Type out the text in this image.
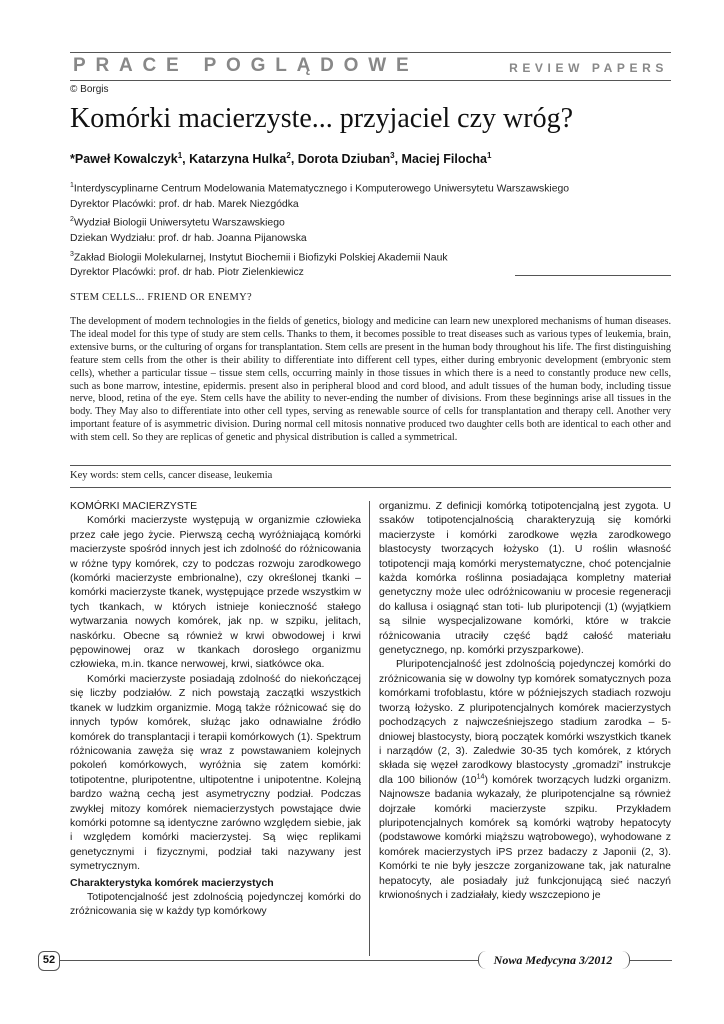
PRACE POGLĄDOWE	REVIEW PAPERS
© Borgis
Komórki macierzyste... przyjaciel czy wróg?
*Paweł Kowalczyk$^1$, Katarzyna Hulka$^2$, Dorota Dziuban$^3$, Maciej Filocha$^1$
$^1$Interdyscyplinarne Centrum Modelowania Matematycznego i Komputerowego Uniwersytetu Warszawskiego
Dyrektor Placówki: prof. dr hab. Marek Niezgódka
$^2$Wydział Biologii Uniwersytetu Warszawskiego
Dziekan Wydziału: prof. dr hab. Joanna Pijanowska
$^3$Zakład Biologii Molekularnej, Instytut Biochemii i Biofizyki Polskiej Akademii Nauk
Dyrektor Placówki: prof. dr hab. Piotr Zielenkiewicz
STEM CELLS... FRIEND OR ENEMY?
The development of modern technologies in the fields of genetics, biology and medicine can learn new unexplored mechanisms of human diseases. The ideal model for this type of study are stem cells. Thanks to them, it becomes possible to treat diseases such as various types of leukemia, brain, extensive burns, or the culturing of organs for transplantation. Stem cells are present in the human body throughout his life. The first distinguishing feature stem cells from the other is their ability to differentiate into different cell types, either during embryonic development (embryonic stem cells), whether a particular tissue – tissue stem cells, occurring mainly in those tissues in which there is a need to constantly produce new cells, such as bone marrow, intestine, epidermis. present also in peripheral blood and cord blood, and adult tissues of the human body, including tissue nerve, blood, retina of the eye. Stem cells have the ability to never-ending the number of divisions. From these beginnings arise all tissues in the body. They May also to differentiate into other cell types, serving as renewable source of cells for transplantation and therapy cell. Another very important feature of is asymmetric division. During normal cell mitosis nonnative produced two daughter cells both are identical to each other and with stem cell. So they are replicas of genetic and physical distribution is called a symmetrical.
Key words: stem cells, cancer disease, leukemia
KOMÓRKI MACIERZYSTE

Komórki macierzyste występują w organizmie człowieka przez całe jego życie. Pierwszą cechą wyróżniającą komórki macierzyste spośród innych jest ich zdolność do różnicowania w różne typy komórek, czy to podczas rozwoju zarodkowego (komórki macierzyste embrionalne), czy określonej tkanki – komórki macierzyste tkanek, występujące przede wszystkim w tych tkankach, w których istnieje konieczność stałego wytwarzania nowych komórek, jak np. w szpiku, jelitach, naskórku. Obecne są również w krwi obwodowej i krwi pępowinowej oraz w tkankach dorosłego organizmu człowieka, m.in. tkance nerwowej, krwi, siatkówce oka.

Komórki macierzyste posiadają zdolność do niekończącej się liczby podziałów. Z nich powstają zaczątki wszystkich tkanek w ludzkim organizmie. Mogą także różnicować się do innych typów komórek, służąc jako odnawialne źródło komórek do transplantacji i terapii komórkowych (1). Spektrum różnicowania zawęża się wraz z powstawaniem kolejnych pokoleń komórkowych, wyróżnia się zatem komórki: totipotentne, pluripotentne, ultipotentne i unipotentne. Kolejną bardzo ważną cechą jest asymetryczny podział. Podczas zwykłej mitozy komórek niemacierzystych powstające dwie komórki potomne są identyczne zarówno względem siebie, jak i względem komórki macierzystej. Są więc replikami genetycznymi i fizycznymi, podział taki nazywany jest symetrycznym.

Charakterystyka komórek macierzystych

Totipotencjalność jest zdolnością pojedynczej komórki do zróżnicowania się w każdy typ komórkowy

organizmu. Z definicji komórką totipotencjalną jest zygota. U ssaków totipotencjalnością charakteryzują się komórki macierzyste i komórki zarodkowe węzła zarodkowego blastocysty tworzących łożysko (1). U roślin własność totipotencji mają komórki merystematyczne, choć potencjalnie każda komórka roślinna posiadająca kompletny materiał genetyczny może ulec odróżnicowaniu w procesie regeneracji do kallusa i osiągnąć stan toti- lub pluripotencji (1) (wyjątkiem są silnie wyspecjalizowane komórki, które w trakcie różnicowania utraciły część bądź całość materiału genetycznego, np. komórki przyszparkowe).

Pluripotencjalność jest zdolnością pojedynczej komórki do zróżnicowania się w dowolny typ komórek somatycznych poza komórkami trofoblastu, które w późniejszych stadiach rozwoju tworzą łożysko. Z pluripotencjalnych komórek macierzystych pochodzących z najwcześniejszego stadium zarodka – 5-dniowej blastocysty, biorą początek komórki wszystkich tkanek i narządów (2, 3). Zaledwie 30-35 tych komórek, z których składa się węzeł zarodkowy blastocysty „gromadzi” instrukcje dla 100 bilionów $(10^{14})$ komórek tworzących ludzki organizm. Najnowsze badania wykazały, że pluripotencjalne są również dojrzałe komórki macierzyste szpiku. Przykładem pluripotencjalnych komórek są komórki wątroby hepatocyty (podstawowe komórki miąższu wątrobowego), wyhodowane z komórek macierzystych iPS przez badaczy z Japonii (2, 3). Komórki te nie były jeszcze zorganizowane tak, jak naturalne hepatocyty, ale posiadały już funkcjonującą sieć naczyń krwionośnych i zadziałały, kiedy wszczepiono je

52	Nowa Medycyna 3/2012
